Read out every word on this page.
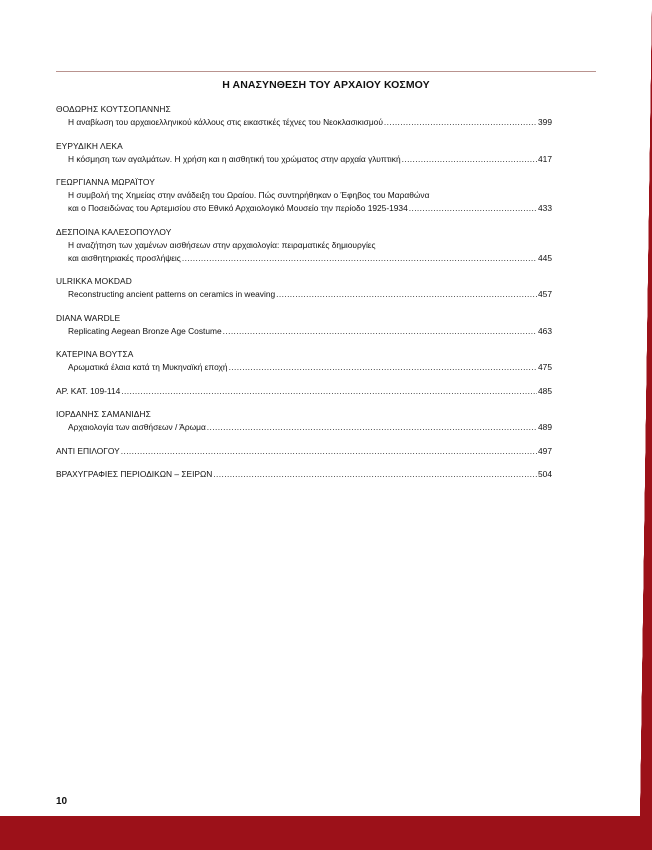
Η ΑΝΑΣΥΝΘΕΣΗ ΤΟΥ ΑΡΧΑΙΟΥ ΚΟΣΜΟΥ
ΘΟΔΩΡΗΣ ΚΟΥΤΣΟΠΑΝΝΗΣ
Η αναβίωση του αρχαιοελληνικού κάλλους στις εικαστικές τέχνες του Νεοκλασικισμού .....	399
ΕΥΡΥΔΙΚΗ ΛΕΚΑ
Η κόσμηση των αγαλμάτων. Η χρήση και η αισθητική του χρώματος στην αρχαία γλυπτική .....	417
ΓΕΩΡΓΙΑΝΝΑ ΜΩΡΑΪΤΟΥ
Η συμβολή της Χημείας στην ανάδειξη του Ωραίου. Πώς συντηρήθηκαν ο Έφηβος του Μαραθώνα
και ο Ποσειδώνας του Αρτεμισίου στο Εθνικό Αρχαιολογικό Μουσείο την περίοδο 1925-1934 .....	433
ΔΕΣΠΟΙΝΑ ΚΑΛΕΣΟΠΟΥΛΟΥ
Η αναζήτηση των χαμένων αισθήσεων στην αρχαιολογία: πειραματικές δημιουργίες
και αισθητηριακές προσλήψεις .....	445
ULRIKKA MOKDAD
Reconstructing ancient patterns on ceramics in weaving .....	457
DIANA WARDLE
Replicating Aegean Bronze Age Costume .....	463
ΚΑΤΕΡΙΝΑ ΒΟΥΤΣΑ
Αρωματικά έλαια κατά τη Μυκηναϊκή εποχή .....	475
ΑΡ. ΚΑΤ. 109-114 .....	485
ΙΟΡΔΑΝΗΣ ΣΑΜΑΝΙΔΗΣ
Αρχαιολογία των αισθήσεων / Άρωμα .....	489
ΑΝΤΙ ΕΠΙΛΟΓΟΥ .....	497
ΒΡΑΧΥΓΡΑΦΙΕΣ ΠΕΡΙΟΔΙΚΩΝ – ΣΕΙΡΩΝ .....	504
10
